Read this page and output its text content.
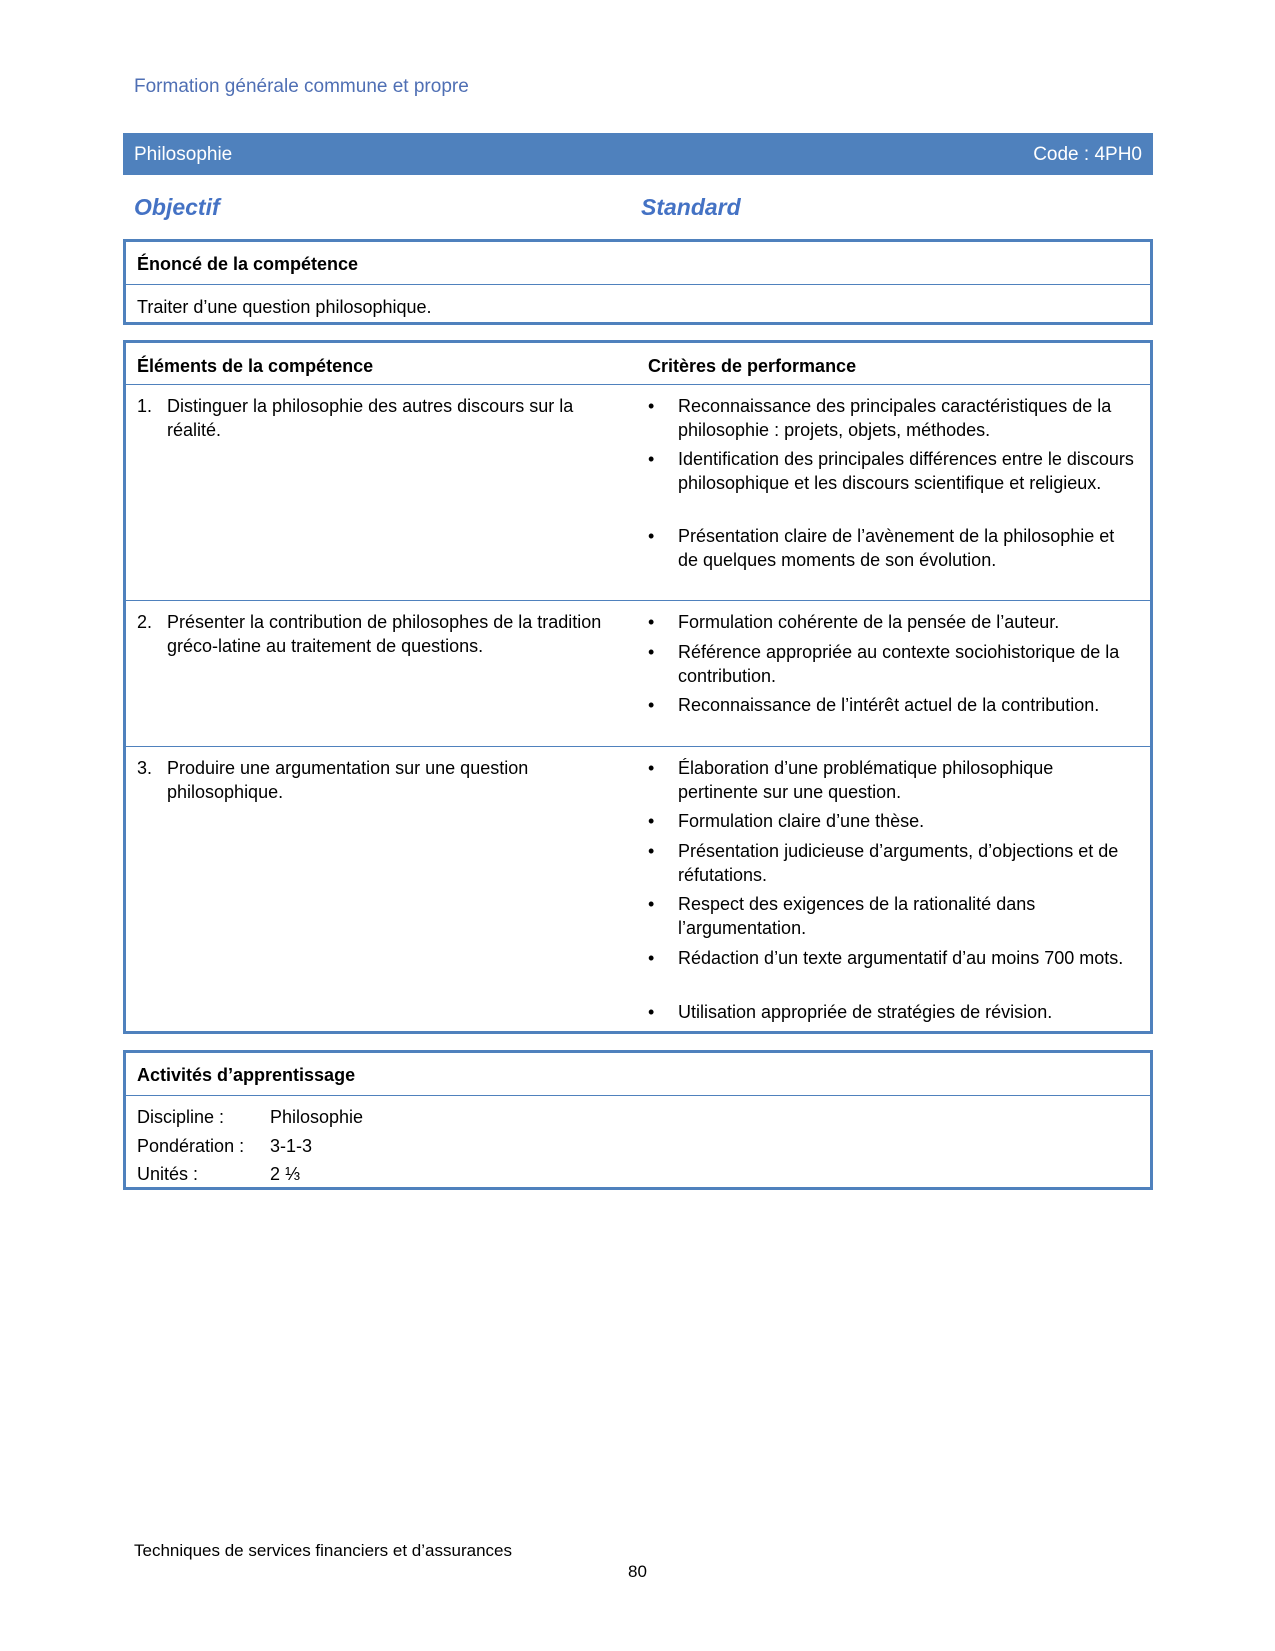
Formation générale commune et propre
Philosophie	Code : 4PH0
Objectif	Standard
Énoncé de la compétence
Traiter d’une question philosophique.
Éléments de la compétence	Critères de performance
1. Distinguer la philosophie des autres discours sur la réalité.
• Reconnaissance des principales caractéristiques de la philosophie : projets, objets, méthodes.
• Identification des principales différences entre le discours philosophique et les discours scientifique et religieux.
• Présentation claire de l’avènement de la philosophie et de quelques moments de son évolution.
2. Présenter la contribution de philosophes de la tradition gréco-latine au traitement de questions.
• Formulation cohérente de la pensée de l’auteur.
• Référence appropriée au contexte sociohistorique de la contribution.
• Reconnaissance de l’intérêt actuel de la contribution.
3. Produire une argumentation sur une question philosophique.
• Élaboration d’une problématique philosophique pertinente sur une question.
• Formulation claire d’une thèse.
• Présentation judicieuse d’arguments, d’objections et de réfutations.
• Respect des exigences de la rationalité dans l’argumentation.
• Rédaction d’un texte argumentatif d’au moins 700 mots.
• Utilisation appropriée de stratégies de révision.
Activités d’apprentissage
Discipline :	Philosophie
Pondération : 3-1-3
Unités :	2 ⅓
Techniques de services financiers et d’assurances
80
